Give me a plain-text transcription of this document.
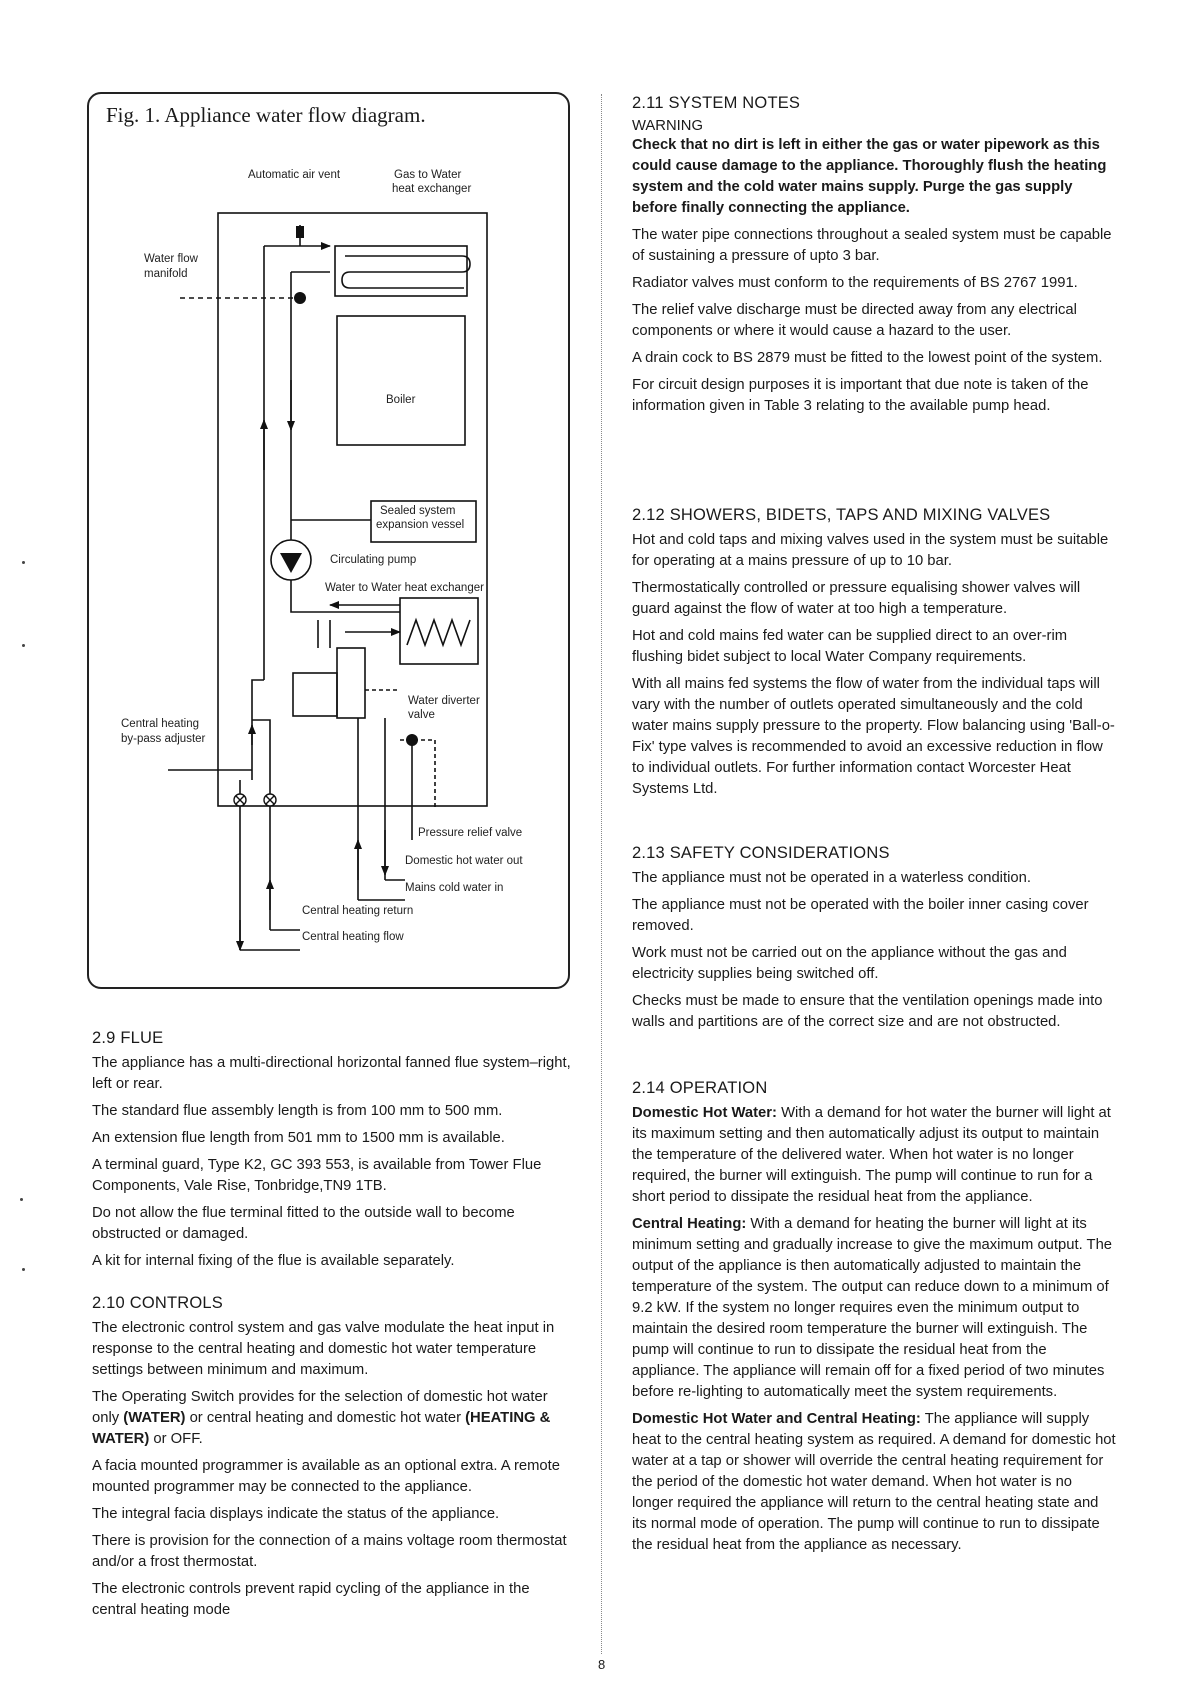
Fig. 1. Appliance water flow diagram.
Automatic air vent	Gas to Water
heat exchanger
Water flow
manifold
Boiler
Sealed system
expansion vessel
Circulating pump
Water to Water heat exchanger
Water diverter
valve
Central heating
by-pass adjuster
Pressure relief valve
Domestic hot water out
Mains cold water in
Central heating return
Central heating flow
2.9 FLUE

The appliance has a multi-directional horizontal fanned flue system–right, left or rear.

The standard flue assembly length is from 100 mm to 500 mm.

An extension flue length from 501 mm to 1500 mm is available.

A terminal guard, Type K2, GC 393 553, is available from Tower Flue Components, Vale Rise, Tonbridge,TN9 1TB.

Do not allow the flue terminal fitted to the outside wall to become obstructed or damaged.

A kit for internal fixing of the flue is available separately.

2.10 CONTROLS

The electronic control system and gas valve modulate the heat input in response to the central heating and domestic hot water temperature settings between minimum and maximum.

The Operating Switch provides for the selection of domestic hot water only (WATER) or central heating and domestic hot water (HEATING & WATER) or OFF.

A facia mounted programmer is available as an optional extra. A remote mounted programmer may be connected to the appliance.

The integral facia displays indicate the status of the appliance.

There is provision for the connection of a mains voltage room thermostat and/or a frost thermostat.

The electronic controls prevent rapid cycling of the appliance in the central heating mode

2.11 SYSTEM NOTES
WARNING

Check that no dirt is left in either the gas or water pipework as this could cause damage to the appliance. Thoroughly flush the heating system and the cold water mains supply. Purge the gas supply before finally connecting the appliance.

The water pipe connections throughout a sealed system must be capable of sustaining a pressure of upto 3 bar.

Radiator valves must conform to the requirements of BS 2767 1991.

The relief valve discharge must be directed away from any electrical components or where it would cause a hazard to the user.

A drain cock to BS 2879 must be fitted to the lowest point of the system.

For circuit design purposes it is important that due note is taken of the information given in Table 3 relating to the available pump head.

2.12 SHOWERS, BIDETS, TAPS AND MIXING VALVES

Hot and cold taps and mixing valves used in the system must be suitable for operating at a mains pressure of up to 10 bar.

Thermostatically controlled or pressure equalising shower valves will guard against the flow of water at too high a temperature.

Hot and cold mains fed water can be supplied direct to an over-rim flushing bidet subject to local Water Company requirements.

With all mains fed systems the flow of water from the individual taps will vary with the number of outlets operated simultaneously and the cold water mains supply pressure to the property. Flow balancing using 'Ball-o-Fix' type valves is recommended to avoid an excessive reduction in flow to individual outlets. For further information contact Worcester Heat Systems Ltd.

2.13 SAFETY CONSIDERATIONS

The appliance must not be operated in a waterless condition.

The appliance must not be operated with the boiler inner casing cover removed.

Work must not be carried out on the appliance without the gas and electricity supplies being switched off.

Checks must be made to ensure that the ventilation openings made into walls and partitions are of the correct size and are not obstructed.

2.14 OPERATION

Domestic Hot Water: With a demand for hot water the burner will light at its maximum setting and then automatically adjust its output to maintain the temperature of the delivered water. When hot water is no longer required, the burner will extinguish. The pump will continue to run for a short period to dissipate the residual heat from the appliance.

Central Heating: With a demand for heating the burner will light at its minimum setting and gradually increase to give the maximum output. The output of the appliance is then automatically adjusted to maintain the temperature of the system. The output can reduce down to a minimum of 9.2 kW. If the system no longer requires even the minimum output to maintain the desired room temperature the burner will extinguish. The pump will continue to run to dissipate the residual heat from the appliance. The appliance will remain off for a fixed period of two minutes before re-lighting to automatically meet the system requirements.

Domestic Hot Water and Central Heating: The appliance will supply heat to the central heating system as required. A demand for domestic hot water at a tap or shower will override the central heating requirement for the period of the domestic hot water demand. When hot water is no longer required the appliance will return to the central heating state and its normal mode of operation. The pump will continue to run to dissipate the residual heat from the appliance as necessary.

8
